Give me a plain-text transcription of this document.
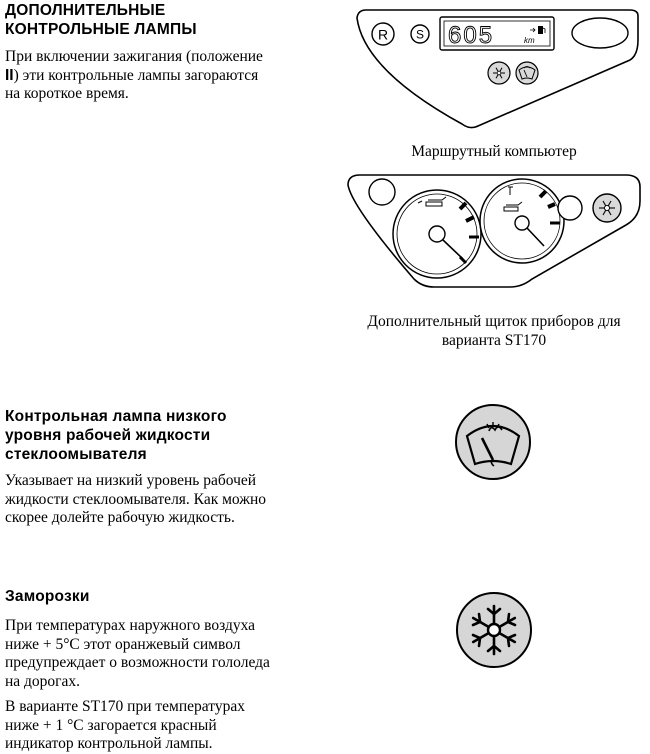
ДОПОЛНИТЕЛЬНЫЕ
КОНТРОЛЬНЫЕ ЛАМПЫ
При включении зажигания (положение
II) эти контрольные лампы загораются
на короткое время.
R S 605	km
Маршрутный компьютер
Дополнительный щиток приборов для
варианта ST170
Контрольная лампа низкого
уровня рабочей жидкости
стеклоомывателя
Указывает на низкий уровень рабочей
жидкости стеклоомывателя. Как можно
скорее долейте рабочую жидкость.
Заморозки
При температурах наружного воздуха
ниже + 5°C этот оранжевый символ
предупреждает о возможности гололеда
на дорогах.
В варианте ST170 при температурах
ниже + 1 °C загорается красный
индикатор контрольной лампы.
